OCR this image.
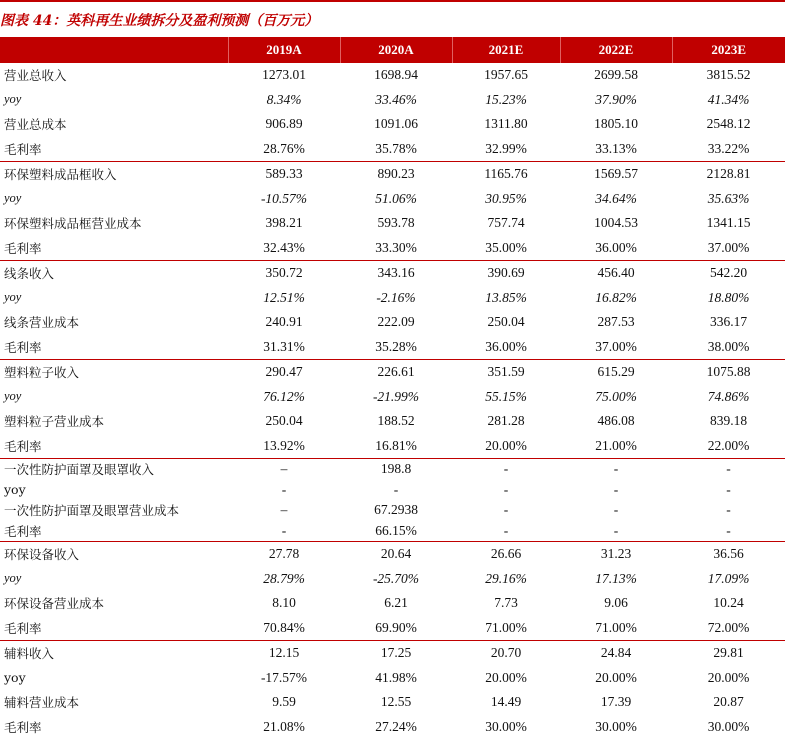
图表 44：英科再生业绩拆分及盈利预测（百万元）
	2019A	2020A	2021E	2022E	2023E
营业总收入	1273.01	1698.94	1957.65	2699.58	3815.52
yoy	8.34%	33.46%	15.23%	37.90%	41.34%
营业总成本	906.89	1091.06	1311.80	1805.10	2548.12
毛利率	28.76%	35.78%	32.99%	33.13%	33.22%
环保塑料成品框收入	589.33	890.23	1165.76	1569.57	2128.81
yoy	-10.57%	51.06%	30.95%	34.64%	35.63%
环保塑料成品框营业成本	398.21	593.78	757.74	1004.53	1341.15
毛利率	32.43%	33.30%	35.00%	36.00%	37.00%
线条收入	350.72	343.16	390.69	456.40	542.20
yoy	12.51%	-2.16%	13.85%	16.82%	18.80%
线条营业成本	240.91	222.09	250.04	287.53	336.17
毛利率	31.31%	35.28%	36.00%	37.00%	38.00%
塑料粒子收入	290.47	226.61	351.59	615.29	1075.88
yoy	76.12%	-21.99%	55.15%	75.00%	74.86%
塑料粒子营业成本	250.04	188.52	281.28	486.08	839.18
毛利率	13.92%	16.81%	20.00%	21.00%	22.00%
一次性防护面罩及眼罩收入	–	198.8	-	-	-
yoy	-	-	-	-	-
一次性防护面罩及眼罩营业成本	–	67.2938	-	-	-
毛利率	-	66.15%	-	-	-
环保设备收入	27.78	20.64	26.66	31.23	36.56
yoy	28.79%	-25.70%	29.16%	17.13%	17.09%
环保设备营业成本	8.10	6.21	7.73	9.06	10.24
毛利率	70.84%	69.90%	71.00%	71.00%	72.00%
辅料收入	12.15	17.25	20.70	24.84	29.81
yoy	-17.57%	41.98%	20.00%	20.00%	20.00%
辅料营业成本	9.59	12.55	14.49	17.39	20.87
毛利率	21.08%	27.24%	30.00%	30.00%	30.00%
